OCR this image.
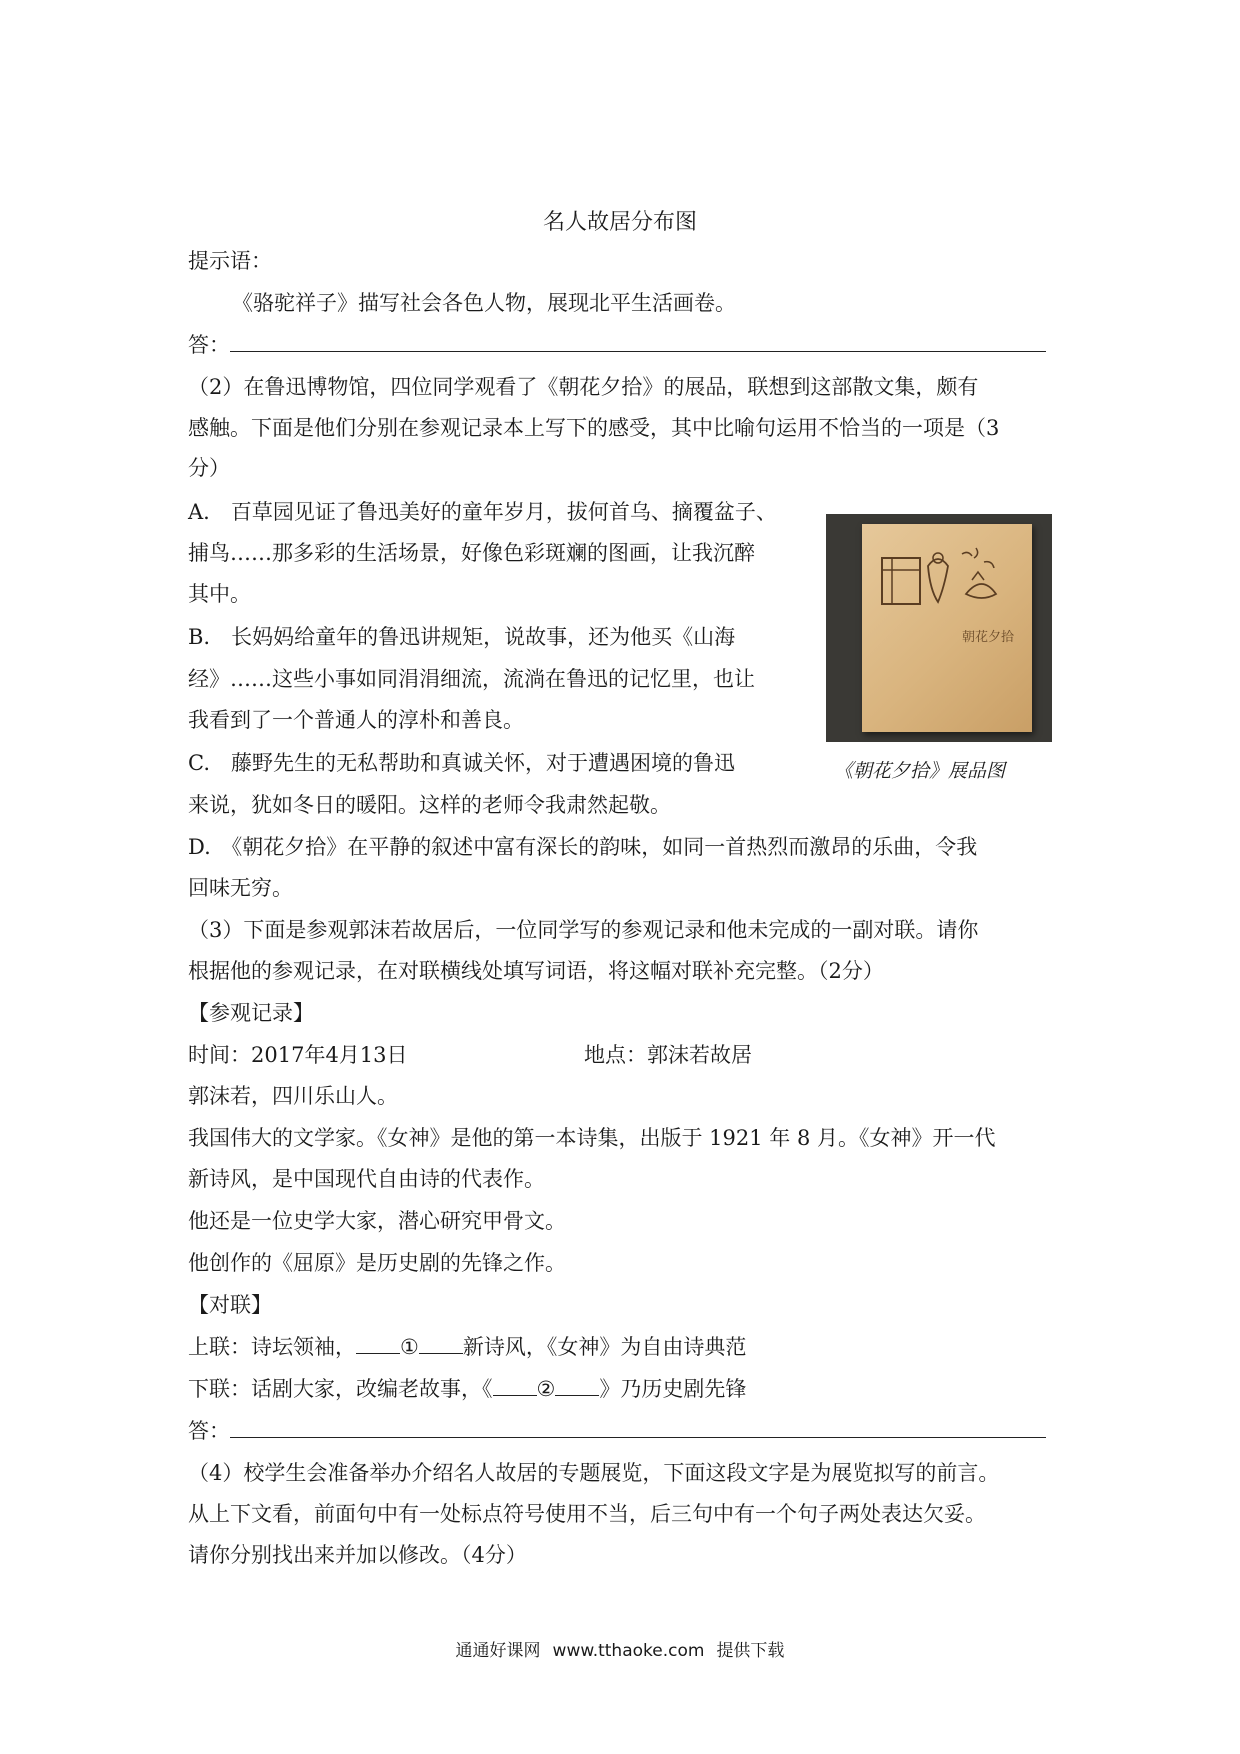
名人故居分布图
提示语：
《骆驼祥子》描写社会各色人物，展现北平生活画卷。
答：
（2）在鲁迅博物馆，四位同学观看了《朝花夕拾》的展品，联想到这部散文集，颇有
感触。下面是他们分别在参观记录本上写下的感受，其中比喻句运用不恰当的一项是（3
分）
A.　百草园见证了鲁迅美好的童年岁月，拔何首乌、摘覆盆子、
捕鸟……那多彩的生活场景，好像色彩斑斓的图画，让我沉醉
其中。
B.　长妈妈给童年的鲁迅讲规矩，说故事，还为他买《山海
经》……这些小事如同涓涓细流，流淌在鲁迅的记忆里，也让
我看到了一个普通人的淳朴和善良。
C.　藤野先生的无私帮助和真诚关怀，对于遭遇困境的鲁迅
来说，犹如冬日的暖阳。这样的老师令我肃然起敬。
D.　《朝花夕拾》在平静的叙述中富有深长的韵味，如同一首热烈而激昂的乐曲，令我
回味无穷。
朝花夕拾
《朝花夕拾》展品图
（3）下面是参观郭沫若故居后，一位同学写的参观记录和他未完成的一副对联。请你
根据他的参观记录，在对联横线处填写词语，将这幅对联补充完整。（2分）
【参观记录】
时间：2017年4月13日	地点：郭沫若故居
郭沫若，四川乐山人。
我国伟大的文学家。《女神》是他的第一本诗集，出版于 1921 年 8 月。《女神》开一代
新诗风，是中国现代自由诗的代表作。
他还是一位史学大家，潜心研究甲骨文。
他创作的《屈原》是历史剧的先锋之作。
【对联】
上联：诗坛领袖， ① 新诗风，《女神》为自由诗典范
下联：话剧大家，改编老故事，《 ② 》乃历史剧先锋
答：
（4）校学生会准备举办介绍名人故居的专题展览，下面这段文字是为展览拟写的前言。
从上下文看，前面句中有一处标点符号使用不当，后三句中有一个句子两处表达欠妥。
请你分别找出来并加以修改。（4分）
通通好课网 www.tthaoke.com 提供下载
